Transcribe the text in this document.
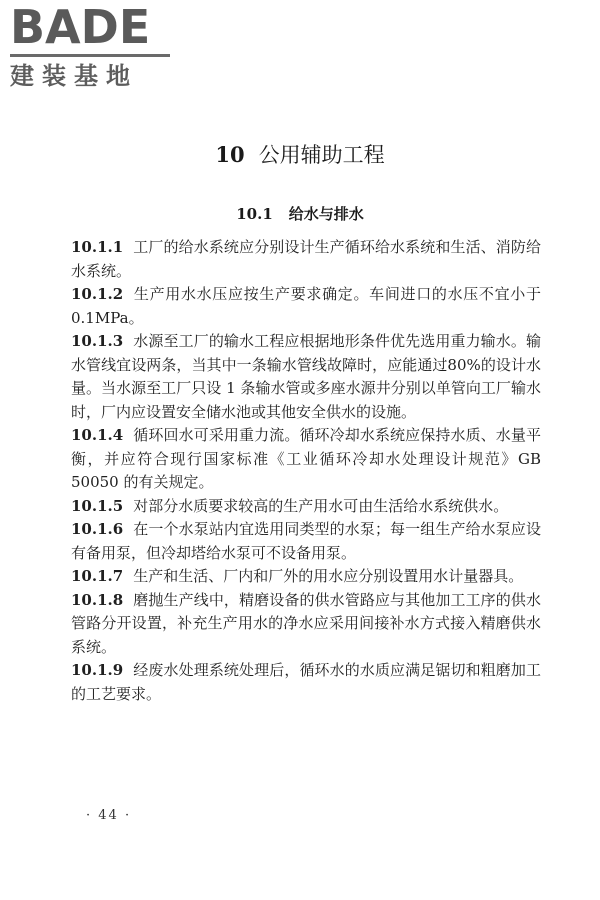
BADE
建装基地
10 公用辅助工程
10.1 给水与排水

10.1.1 工厂的给水系统应分别设计生产循环给水系统和生活、消防给水系统。

10.1.2 生产用水水压应按生产要求确定。车间进口的水压不宜小于 0.1MPa。

10.1.3 水源至工厂的输水工程应根据地形条件优先选用重力输水。输水管线宜设两条，当其中一条输水管线故障时，应能通过80%的设计水量。当水源至工厂只设 1 条输水管或多座水源井分别以单管向工厂输水时，厂内应设置安全储水池或其他安全供水的设施。

10.1.4 循环回水可采用重力流。循环冷却水系统应保持水质、水量平衡，并应符合现行国家标准《工业循环冷却水处理设计规范》GB 50050 的有关规定。

10.1.5 对部分水质要求较高的生产用水可由生活给水系统供水。

10.1.6 在一个水泵站内宜选用同类型的水泵；每一组生产给水泵应设有备用泵，但冷却塔给水泵可不设备用泵。

10.1.7 生产和生活、厂内和厂外的用水应分别设置用水计量器具。

10.1.8 磨抛生产线中，精磨设备的供水管路应与其他加工工序的供水管路分开设置，补充生产用水的净水应采用间接补水方式接入精磨供水系统。

10.1.9 经废水处理系统处理后，循环水的水质应满足锯切和粗磨加工的工艺要求。

· 44 ·
